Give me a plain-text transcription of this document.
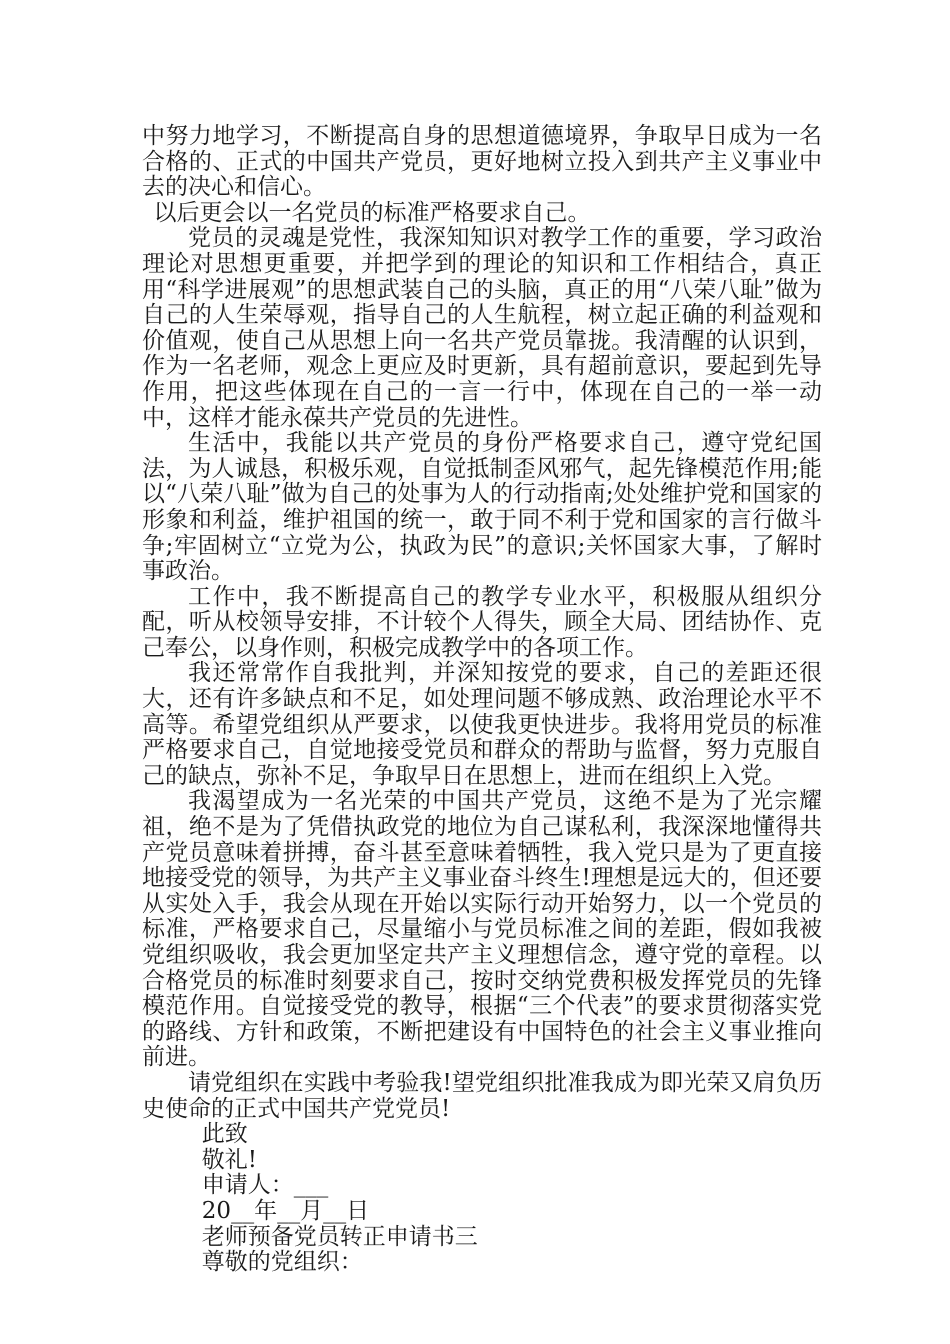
中努力地学习，不断提高自身的思想道德境界，争取早日成为一名合格的、正式的中国共产党员，更好地树立投入到共产主义事业中去的决心和信心。

以后更会以一名党员的标准严格要求自己。

党员的灵魂是党性，我深知知识对教学工作的重要，学习政治理论对思想更重要，并把学到的理论的知识和工作相结合，真正用“科学进展观”的思想武装自己的头脑，真正的用“八荣八耻”做为自己的人生荣辱观，指导自己的人生航程，树立起正确的利益观和价值观，使自己从思想上向一名共产党员靠拢。我清醒的认识到，作为一名老师，观念上更应及时更新，具有超前意识，要起到先导作用，把这些体现在自己的一言一行中，体现在自己的一举一动中，这样才能永葆共产党员的先进性。

生活中，我能以共产党员的身份严格要求自己，遵守党纪国法，为人诚恳，积极乐观，自觉抵制歪风邪气，起先锋模范作用;能以“八荣八耻”做为自己的处事为人的行动指南;处处维护党和国家的形象和利益，维护祖国的统一，敢于同不利于党和国家的言行做斗争;牢固树立“立党为公，执政为民”的意识;关怀国家大事，了解时事政治。

工作中，我不断提高自己的教学专业水平，积极服从组织分配，听从校领导安排，不计较个人得失，顾全大局、团结协作、克己奉公，以身作则，积极完成教学中的各项工作。

我还常常作自我批判，并深知按党的要求，自己的差距还很大，还有许多缺点和不足，如处理问题不够成熟、政治理论水平不高等。希望党组织从严要求，以使我更快进步。我将用党员的标准严格要求自己，自觉地接受党员和群众的帮助与监督，努力克服自己的缺点，弥补不足，争取早日在思想上，进而在组织上入党。

我渴望成为一名光荣的中国共产党员，这绝不是为了光宗耀祖，绝不是为了凭借执政党的地位为自己谋私利，我深深地懂得共产党员意味着拼搏，奋斗甚至意味着牺牲，我入党只是为了更直接地接受党的领导，为共产主义事业奋斗终生!理想是远大的，但还要从实处入手，我会从现在开始以实际行动开始努力，以一个党员的标准，严格要求自己，尽量缩小与党员标准之间的差距，假如我被党组织吸收，我会更加坚定共产主义理想信念，遵守党的章程。以合格党员的标准时刻要求自己，按时交纳党费积极发挥党员的先锋模范作用。自觉接受党的教导，根据“三个代表”的要求贯彻落实党的路线、方针和政策，不断把建设有中国特色的社会主义事业推向前进。

请党组织在实践中考验我!望党组织批准我成为即光荣又肩负历史使命的正式中国共产党党员!

此致

敬礼!

申请人：___

20__年__月__日

老师预备党员转正申请书三

尊敬的党组织：
